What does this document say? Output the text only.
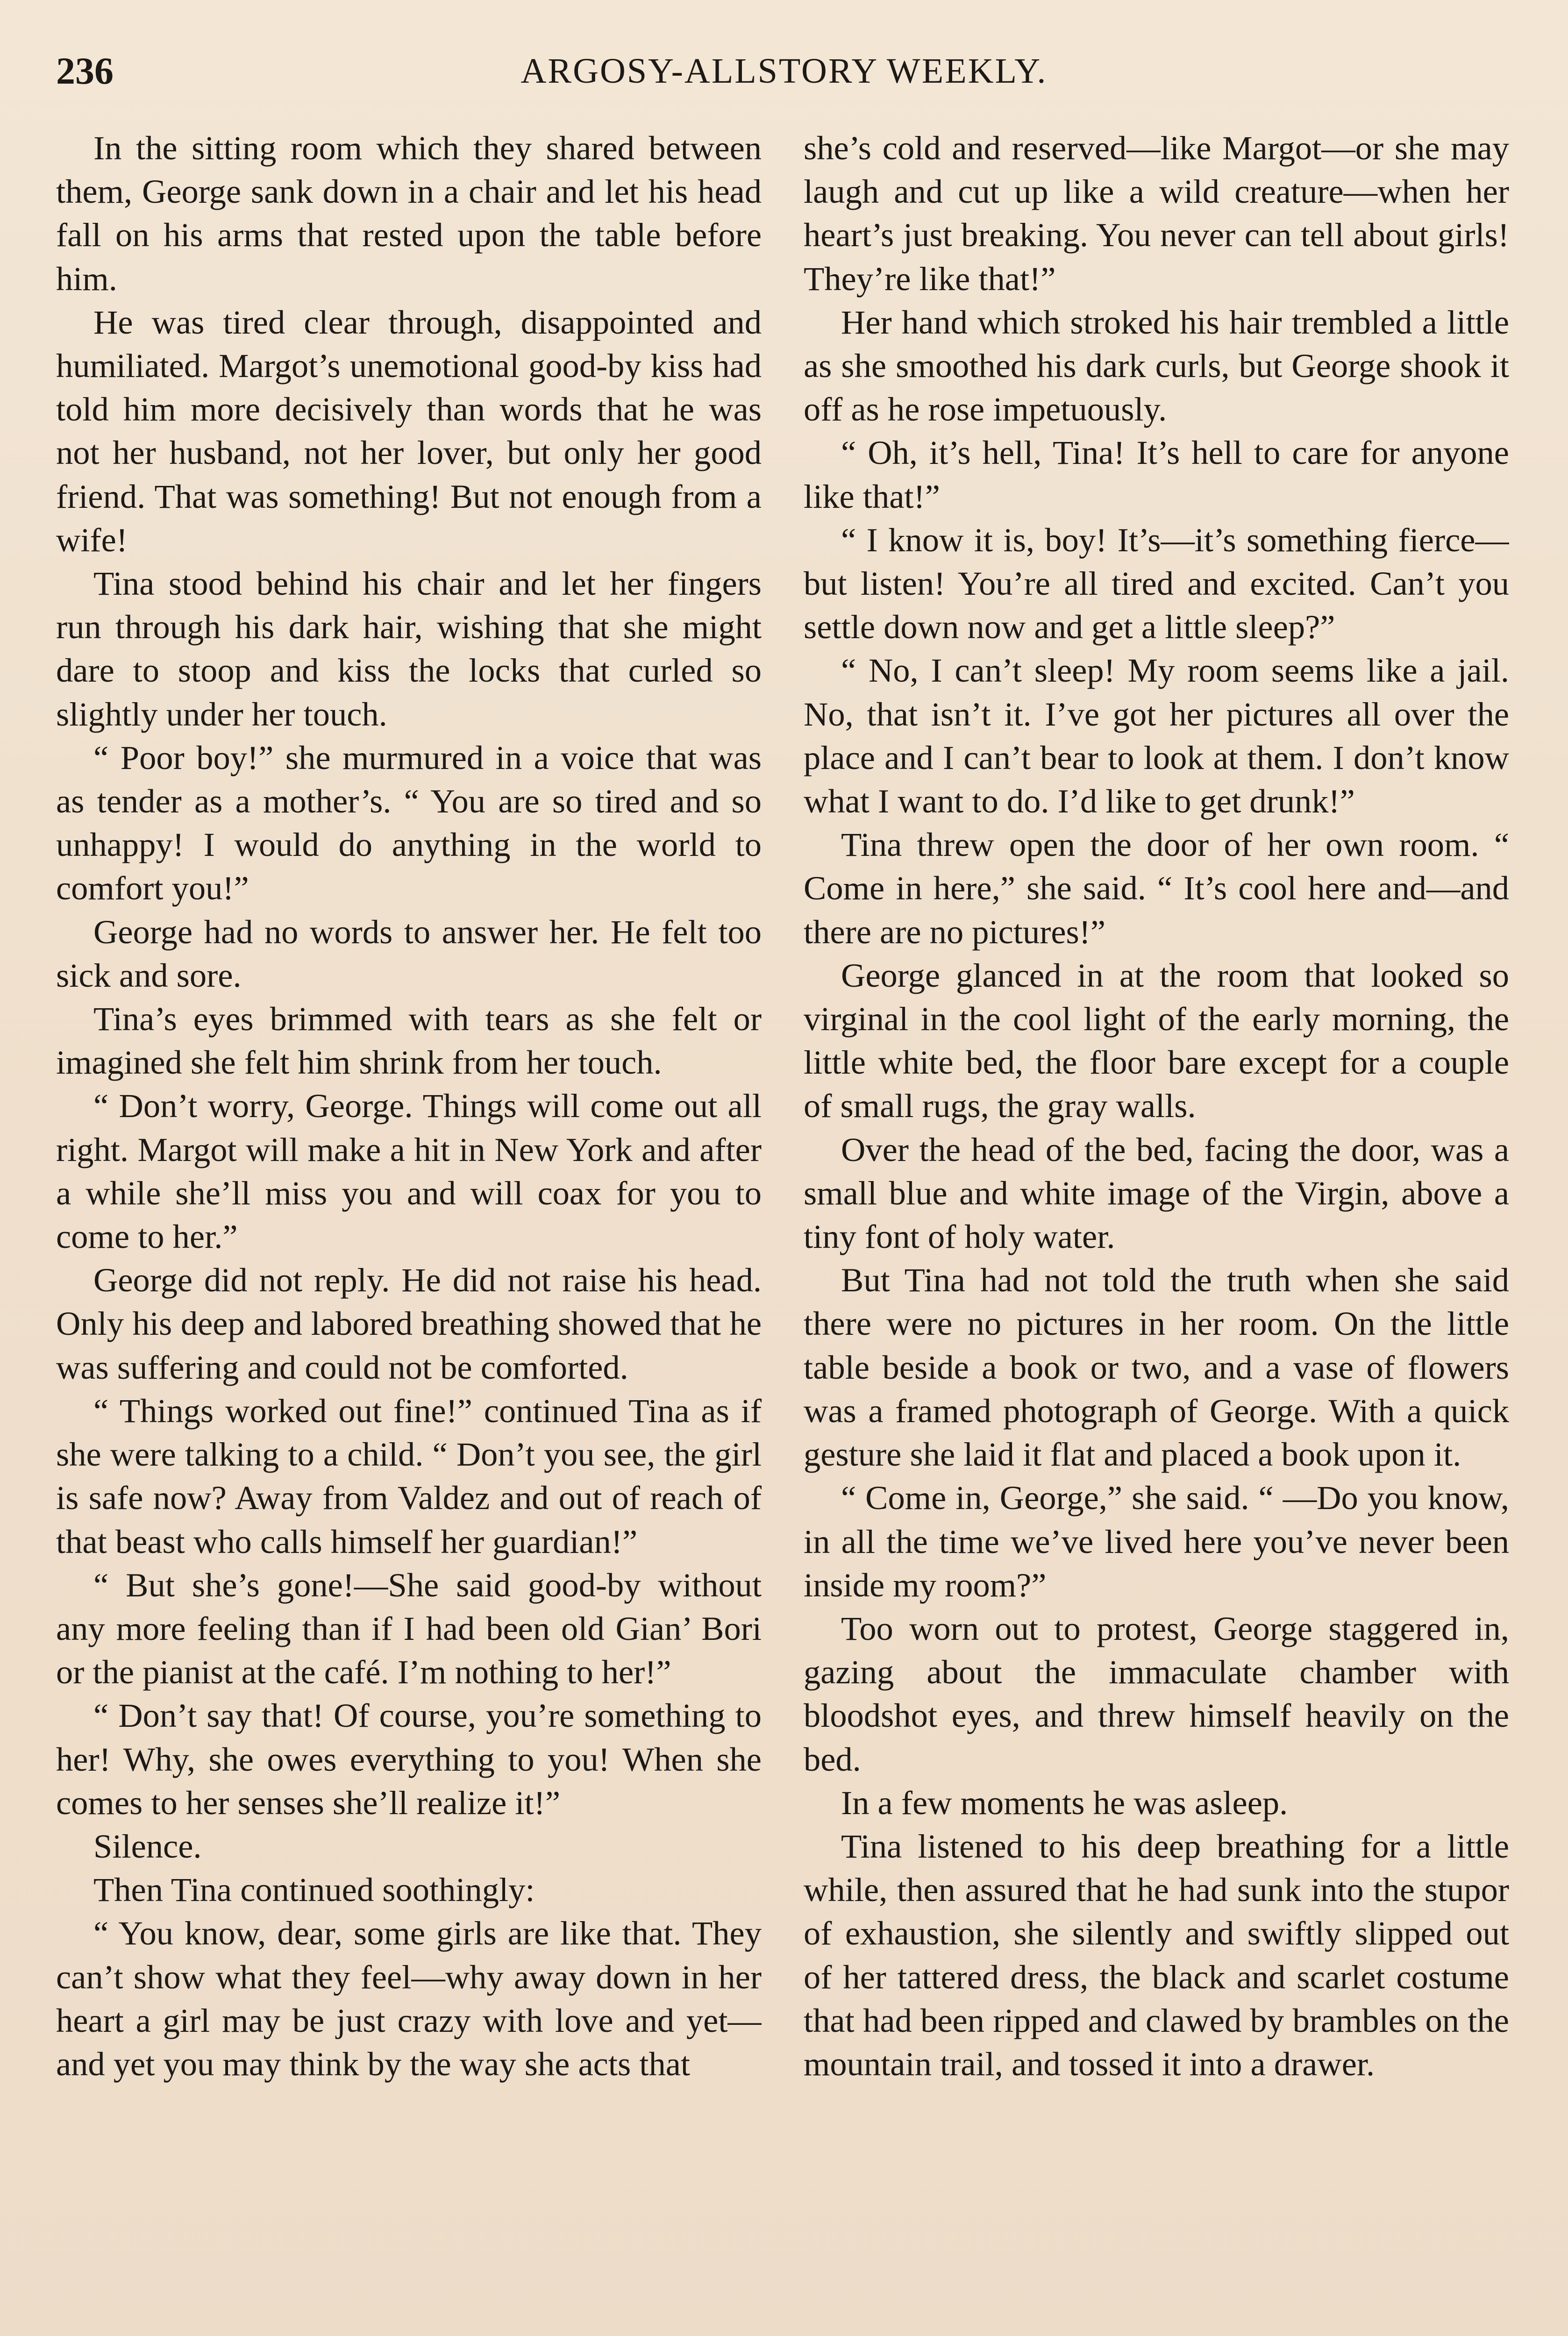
236	ARGOSY-ALLSTORY WEEKLY.

In the sitting room which they shared between them, George sank down in a chair and let his head fall on his arms that rested upon the table before him.

He was tired clear through, disappointed and humiliated. Margot’s unemotional good-by kiss had told him more decisively than words that he was not her husband, not her lover, but only her good friend. That was something! But not enough from a wife!

Tina stood behind his chair and let her fingers run through his dark hair, wishing that she might dare to stoop and kiss the locks that curled so slightly under her touch.

“ Poor boy!” she murmured in a voice that was as tender as a mother’s. “ You are so tired and so unhappy! I would do anything in the world to comfort you!”

George had no words to answer her. He felt too sick and sore.

Tina’s eyes brimmed with tears as she felt or imagined she felt him shrink from her touch.

“ Don’t worry, George. Things will come out all right. Margot will make a hit in New York and after a while she’ll miss you and will coax for you to come to her.”

George did not reply. He did not raise his head. Only his deep and labored breathing showed that he was suffering and could not be comforted.

“ Things worked out fine!” continued Tina as if she were talking to a child. “ Don’t you see, the girl is safe now? Away from Valdez and out of reach of that beast who calls himself her guardian!”

“ But she’s gone!—She said good-by without any more feeling than if I had been old Gian’ Bori or the pianist at the café. I’m nothing to her!”

“ Don’t say that! Of course, you’re something to her! Why, she owes everything to you! When she comes to her senses she’ll realize it!”

Silence.

Then Tina continued soothingly:

“ You know, dear, some girls are like that. They can’t show what they feel—why away down in her heart a girl may be just crazy with love and yet—and yet you may think by the way she acts that

she’s cold and reserved—like Margot—or she may laugh and cut up like a wild creature—when her heart’s just breaking. You never can tell about girls! They’re like that!”

Her hand which stroked his hair trembled a little as she smoothed his dark curls, but George shook it off as he rose impetuously.

“ Oh, it’s hell, Tina! It’s hell to care for anyone like that!”

“ I know it is, boy! It’s—it’s something fierce—but listen! You’re all tired and excited. Can’t you settle down now and get a little sleep?”

“ No, I can’t sleep! My room seems like a jail. No, that isn’t it. I’ve got her pictures all over the place and I can’t bear to look at them. I don’t know what I want to do. I’d like to get drunk!”

Tina threw open the door of her own room. “ Come in here,” she said. “ It’s cool here and—and there are no pictures!”

George glanced in at the room that looked so virginal in the cool light of the early morning, the little white bed, the floor bare except for a couple of small rugs, the gray walls.

Over the head of the bed, facing the door, was a small blue and white image of the Virgin, above a tiny font of holy water.

But Tina had not told the truth when she said there were no pictures in her room. On the little table beside a book or two, and a vase of flowers was a framed photograph of George. With a quick gesture she laid it flat and placed a book upon it.

“ Come in, George,” she said. “ —Do you know, in all the time we’ve lived here you’ve never been inside my room?”

Too worn out to protest, George staggered in, gazing about the immaculate chamber with bloodshot eyes, and threw himself heavily on the bed.

In a few moments he was asleep.

Tina listened to his deep breathing for a little while, then assured that he had sunk into the stupor of exhaustion, she silently and swiftly slipped out of her tattered dress, the black and scarlet costume that had been ripped and clawed by brambles on the mountain trail, and tossed it into a drawer.
